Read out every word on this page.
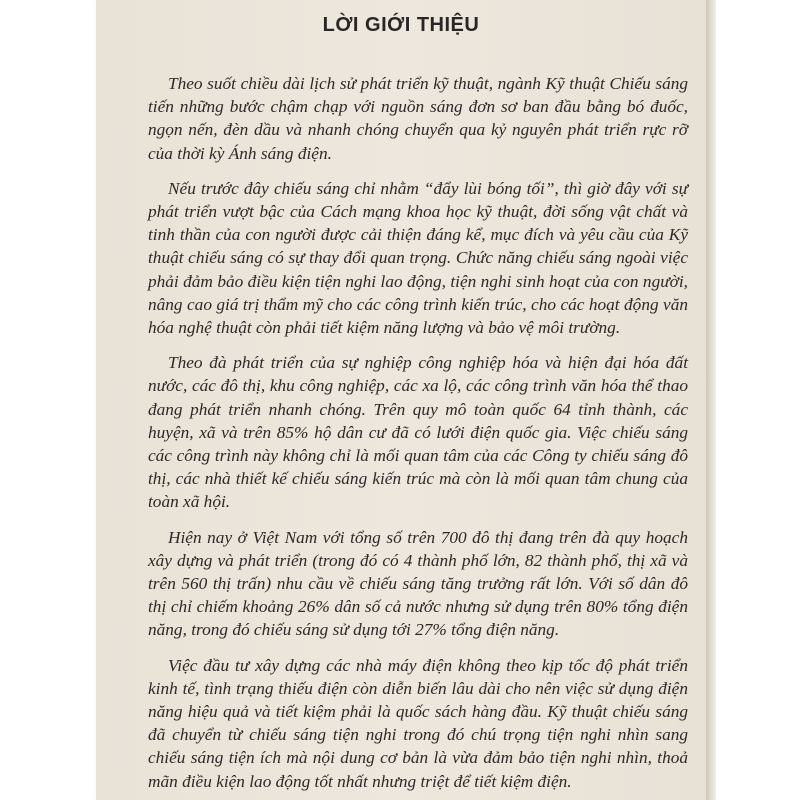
LỜI GIỚI THIỆU

Theo suốt chiều dài lịch sử phát triển kỹ thuật, ngành Kỹ thuật Chiếu sáng tiến những bước chậm chạp với nguồn sáng đơn sơ ban đầu bằng bó đuốc, ngọn nến, đèn dầu và nhanh chóng chuyển qua kỷ nguyên phát triển rực rỡ của thời kỳ Ánh sáng điện.

Nếu trước đây chiếu sáng chỉ nhằm “đẩy lùi bóng tối”, thì giờ đây với sự phát triển vượt bậc của Cách mạng khoa học kỹ thuật, đời sống vật chất và tinh thần của con người được cải thiện đáng kể, mục đích và yêu cầu của Kỹ thuật chiếu sáng có sự thay đổi quan trọng. Chức năng chiếu sáng ngoài việc phải đảm bảo điều kiện tiện nghi lao động, tiện nghi sinh hoạt của con người, nâng cao giá trị thẩm mỹ cho các công trình kiến trúc, cho các hoạt động văn hóa nghệ thuật còn phải tiết kiệm năng lượng và bảo vệ môi trường.

Theo đà phát triển của sự nghiệp công nghiệp hóa và hiện đại hóa đất nước, các đô thị, khu công nghiệp, các xa lộ, các công trình văn hóa thể thao đang phát triển nhanh chóng. Trên quy mô toàn quốc 64 tỉnh thành, các huyện, xã và trên 85% hộ dân cư đã có lưới điện quốc gia. Việc chiếu sáng các công trình này không chỉ là mối quan tâm của các Công ty chiếu sáng đô thị, các nhà thiết kế chiếu sáng kiến trúc mà còn là mối quan tâm chung của toàn xã hội.

Hiện nay ở Việt Nam với tổng số trên 700 đô thị đang trên đà quy hoạch xây dựng và phát triển (trong đó có 4 thành phố lớn, 82 thành phố, thị xã và trên 560 thị trấn) nhu cầu về chiếu sáng tăng trưởng rất lớn. Với số dân đô thị chỉ chiếm khoảng 26% dân số cả nước nhưng sử dụng trên 80% tổng điện năng, trong đó chiếu sáng sử dụng tới 27% tổng điện năng.

Việc đầu tư xây dựng các nhà máy điện không theo kịp tốc độ phát triển kinh tế, tình trạng thiếu điện còn diễn biến lâu dài cho nên việc sử dụng điện năng hiệu quả và tiết kiệm phải là quốc sách hàng đầu. Kỹ thuật chiếu sáng đã chuyển từ chiếu sáng tiện nghi trong đó chú trọng tiện nghi nhìn sang chiếu sáng tiện ích mà nội dung cơ bản là vừa đảm bảo tiện nghi nhìn, thoả mãn điều kiện lao động tốt nhất nhưng triệt để tiết kiệm điện.
